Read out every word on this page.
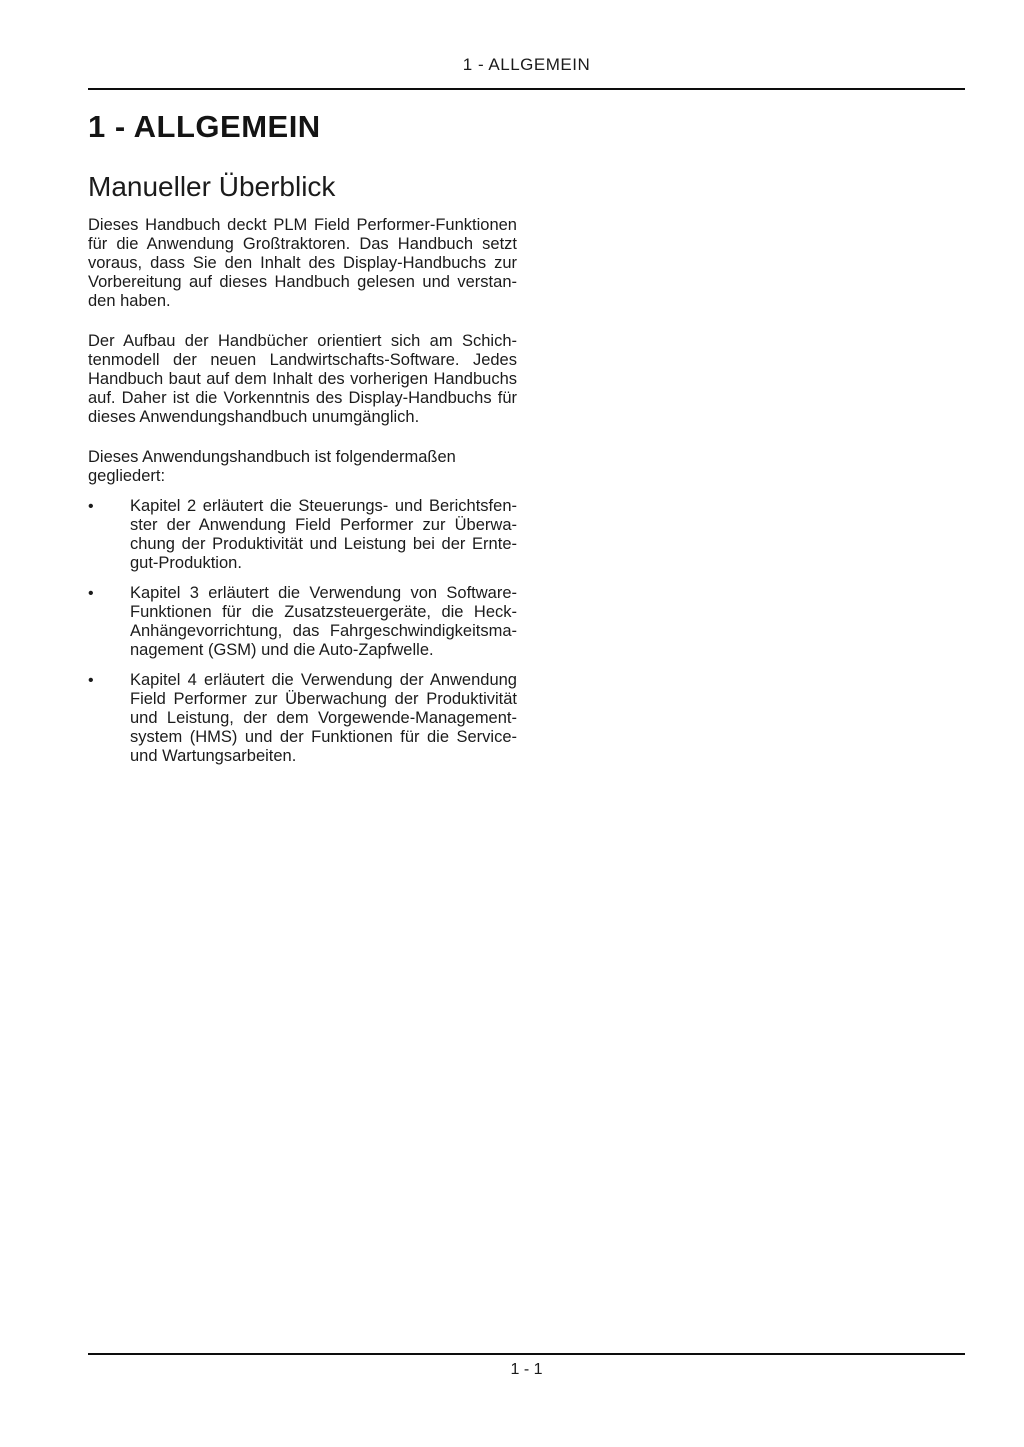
1 - ALLGEMEIN
1 - ALLGEMEIN
Manueller Überblick
Dieses Handbuch deckt PLM Field Performer-Funktionen
für die Anwendung Großtraktoren. Das Handbuch setzt
voraus, dass Sie den Inhalt des Display-Handbuchs zur
Vorbereitung auf dieses Handbuch gelesen und verstan-
den haben.
Der Aufbau der Handbücher orientiert sich am Schich-
tenmodell der neuen Landwirtschafts-Software. Jedes
Handbuch baut auf dem Inhalt des vorherigen Handbuchs
auf. Daher ist die Vorkenntnis des Display-Handbuchs für
dieses Anwendungshandbuch unumgänglich.
Dieses Anwendungshandbuch ist folgendermaßen
gegliedert:
•	Kapitel 2 erläutert die Steuerungs- und Berichtsfen-
ster der Anwendung Field Performer zur Überwa-
chung der Produktivität und Leistung bei der Ernte-
gut-Produktion.
•	Kapitel 3 erläutert die Verwendung von Software-
Funktionen für die Zusatzsteuergeräte, die Heck-
Anhängevorrichtung, das Fahrgeschwindigkeitsma-
nagement (GSM) und die Auto-Zapfwelle.
•	Kapitel 4 erläutert die Verwendung der Anwendung
Field Performer zur Überwachung der Produktivität
und Leistung, der dem Vorgewende-Management-
system (HMS) und der Funktionen für die Service-
und Wartungsarbeiten.
1 - 1
